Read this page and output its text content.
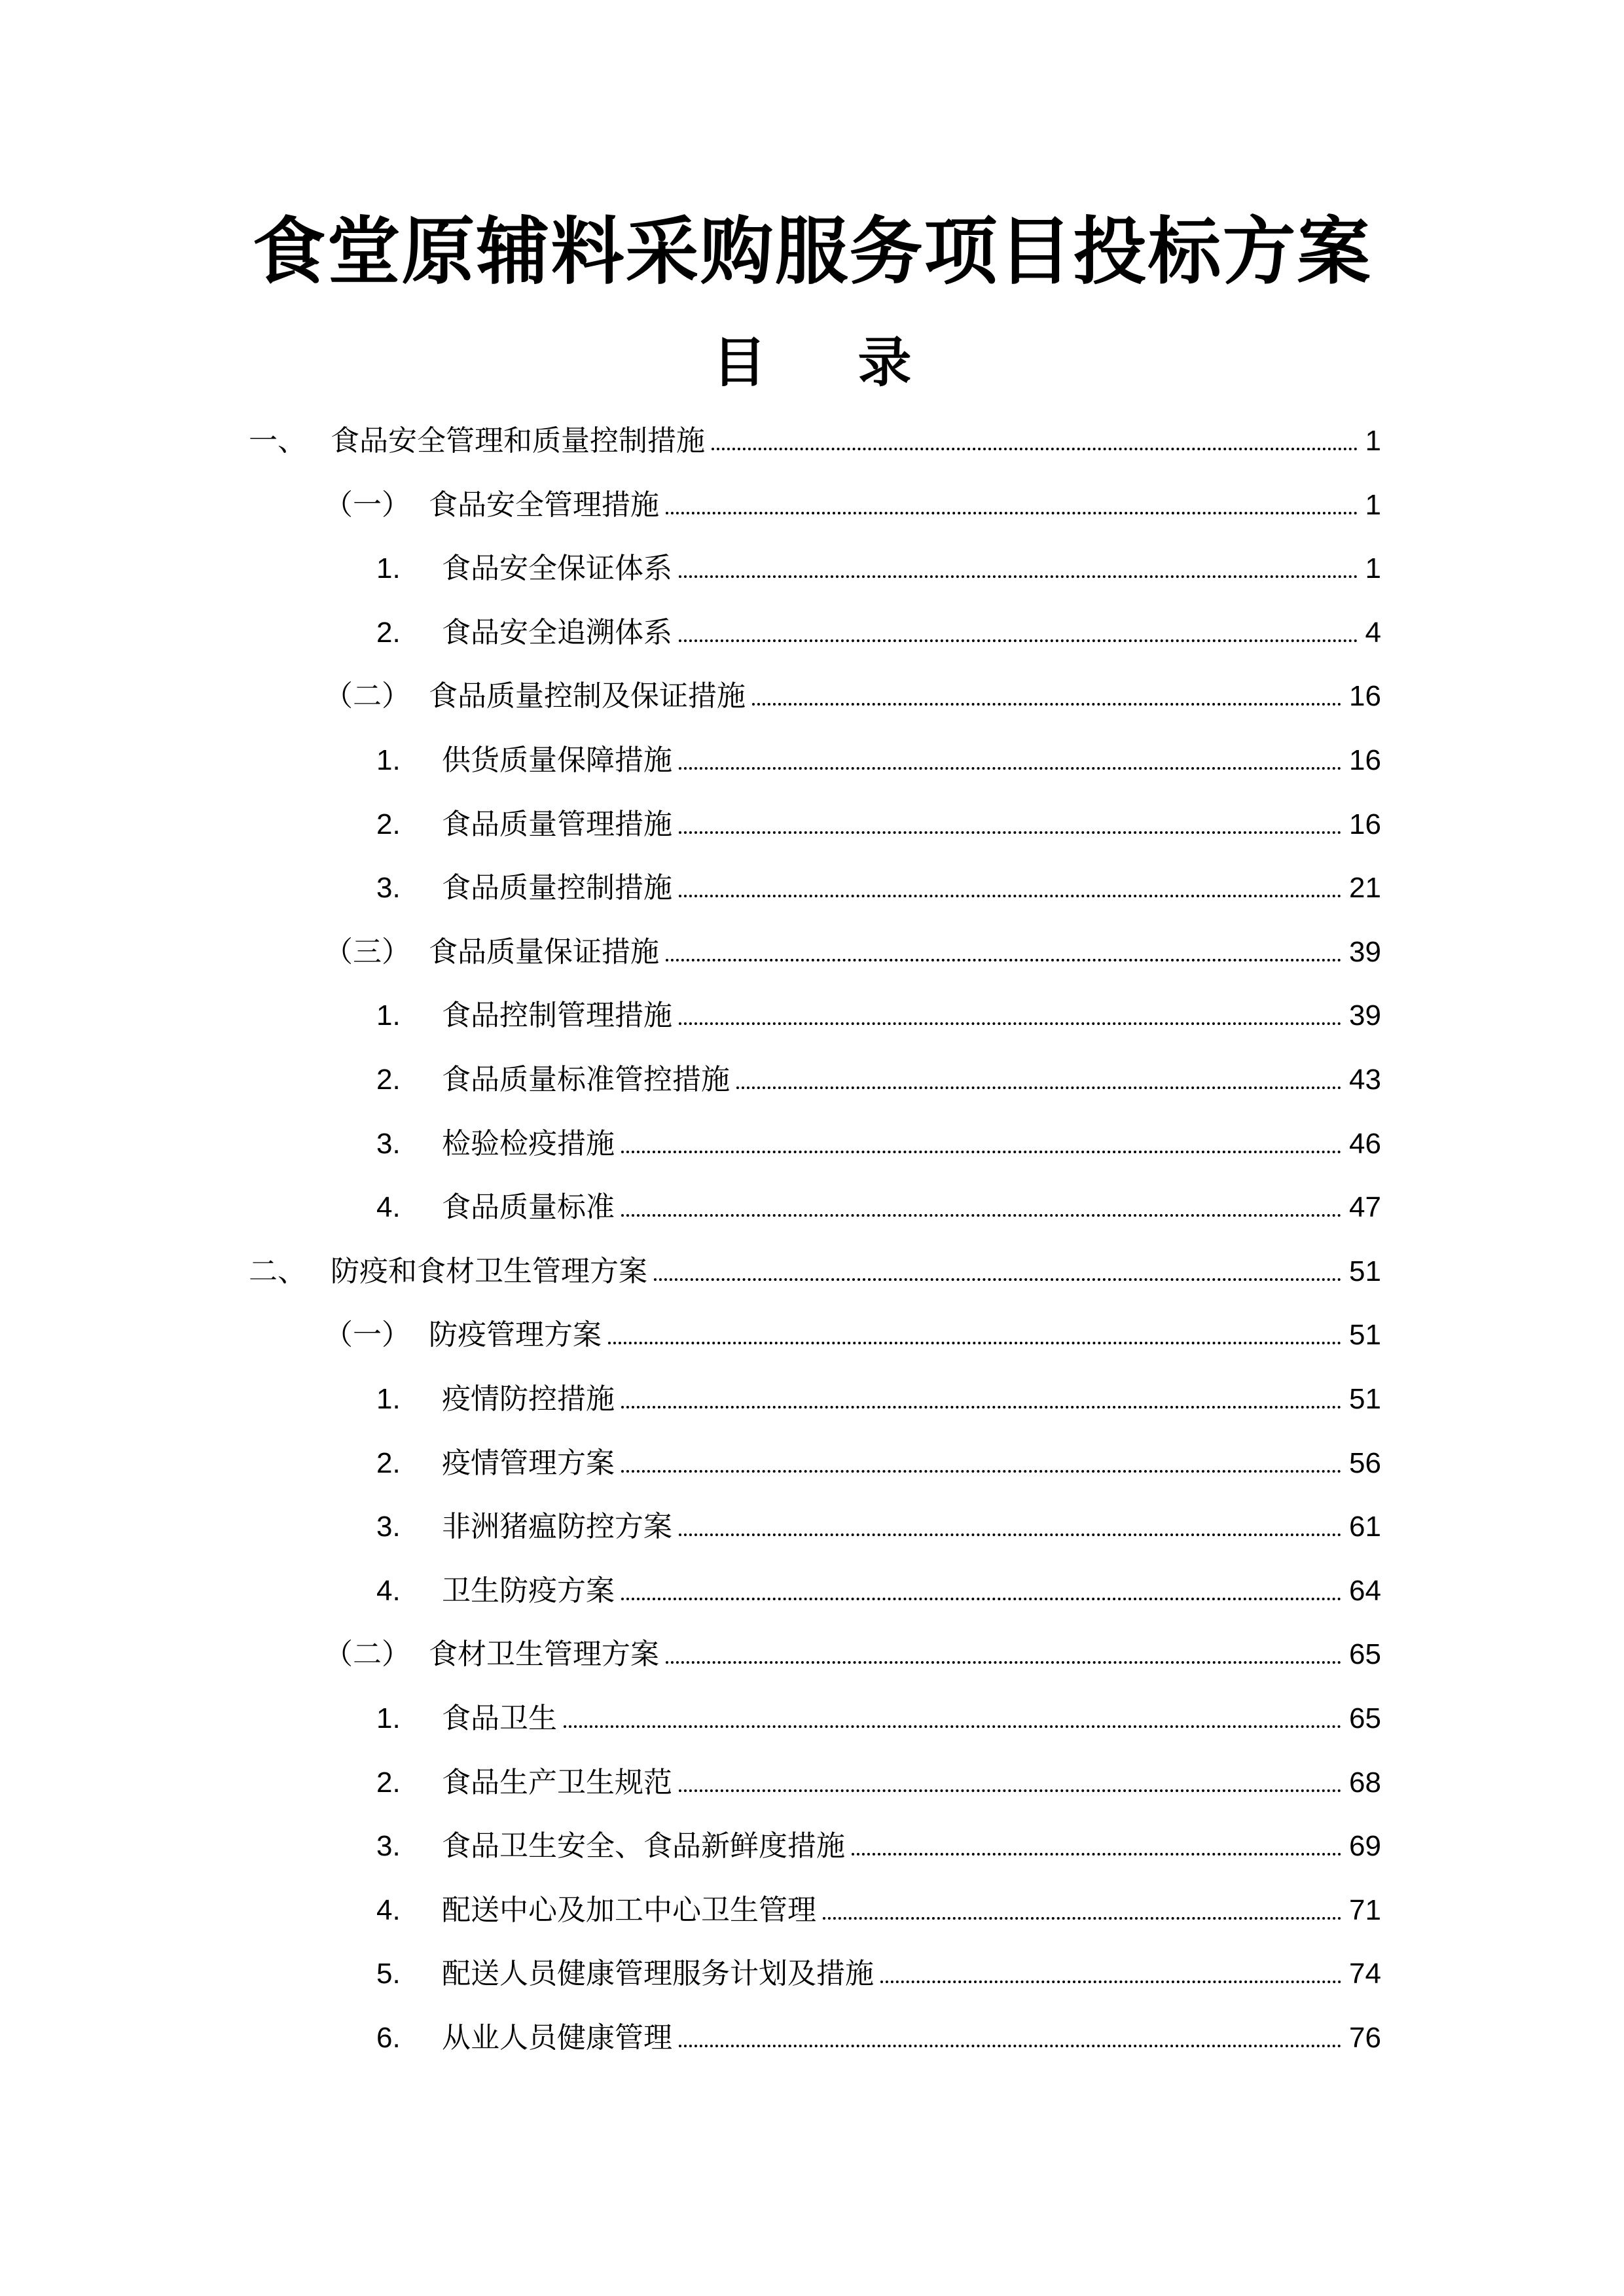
食堂原辅料采购服务项目投标方案
目 录
一、 食品安全管理和质量控制措施	1
（一） 食品安全管理措施	1
1.	食品安全保证体系	1
2.	食品安全追溯体系	4
（二） 食品质量控制及保证措施	16
1.	供货质量保障措施	16
2.	食品质量管理措施	16
3.	食品质量控制措施	21
（三） 食品质量保证措施	39
1.	食品控制管理措施	39
2.	食品质量标准管控措施	43
3.	检验检疫措施	46
4.	食品质量标准	47
二、 防疫和食材卫生管理方案	51
（一） 防疫管理方案	51
1.	疫情防控措施	51
2.	疫情管理方案	56
3.	非洲猪瘟防控方案	61
4.	卫生防疫方案	64
（二） 食材卫生管理方案	65
1.	食品卫生	65
2.	食品生产卫生规范	68
3.	食品卫生安全、食品新鲜度措施	69
4.	配送中心及加工中心卫生管理	71
5.	配送人员健康管理服务计划及措施	74
6.	从业人员健康管理	76
